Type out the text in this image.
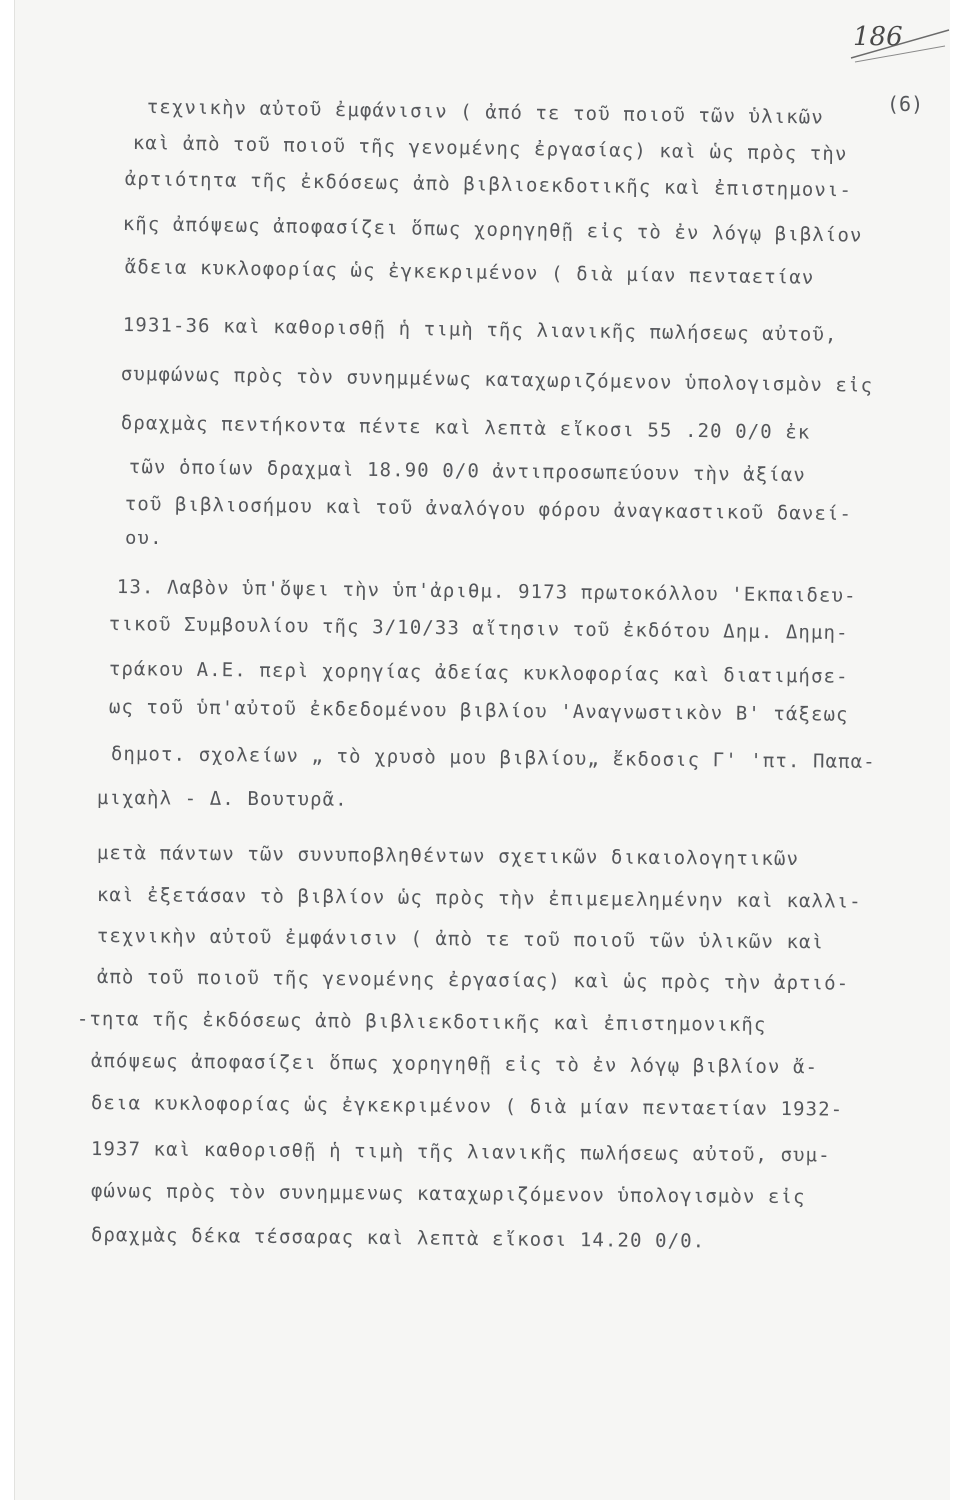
186
(6)
τεχνικὴν αὐτοῦ ἐμφάνισιν ( ἀπό τε τοῦ ποιοῦ τῶν ὑλικῶν
καὶ ἀπὸ τοῦ ποιοῦ τῆς γενομένης ἐργασίας) καὶ ὡς πρὸς τὴν
ἀρτιότητα τῆς ἐκδόσεως ἀπὸ βιβλιοεκδοτικῆς καὶ ἐπιστημονι-
κῆς ἀπόψεως ἀποφασίζει ὅπως χορηγηθῇ εἰς τὸ ἐν λόγῳ βιβλίον
ἄδεια κυκλοφορίας ὡς ἐγκεκριμένον ( διὰ μίαν πενταετίαν
1931-36 καὶ καθορισθῇ ἡ τιμὴ τῆς λιανικῆς πωλήσεως αὐτοῦ,
συμφώνως πρὸς τὸν συνημμένως καταχωριζόμενον ὑπολογισμὸν εἰς
δραχμὰς πεντήκοντα πέντε καὶ λεπτὰ εἴκοσι 55 .20 0/0 ἐκ
τῶν ὁποίων δραχμαὶ 18.90 0/0 ἀντιπροσωπεύουν τὴν ἀξίαν
τοῦ βιβλιοσήμου καὶ τοῦ ἀναλόγου φόρου ἀναγκαστικοῦ δανεί-
ου.
13. Λαβὸν ὑπ'ὄψει τὴν ὑπ'ἀριθμ. 9173 πρωτοκόλλου 'Εκπαιδευ-
τικοῦ Συμβουλίου τῆς 3/10/33 αἴτησιν τοῦ ἐκδότου Δημ. Δημη-
τράκου Α.Ε. περὶ χορηγίας ἀδείας κυκλοφορίας καὶ διατιμήσε-
ως τοῦ ὑπ'αὐτοῦ ἐκδεδομένου βιβλίου 'Αναγνωστικὸν Β' τάξεως
δημοτ. σχολείων „ τὸ χρυσὸ μου βιβλίου„ ἔκδοσις Γ' 'πτ. Παπα-
μιχαὴλ - Δ. Βουτυρᾶ.
μετὰ πάντων τῶν συνυποβληθέντων σχετικῶν δικαιολογητικῶν
καὶ ἐξετάσαν τὸ βιβλίον ὡς πρὸς τὴν ἐπιμεμελημένην καὶ καλλι-
τεχνικὴν αὐτοῦ ἐμφάνισιν ( ἀπὸ τε τοῦ ποιοῦ τῶν ὑλικῶν καὶ
ἀπὸ τοῦ ποιοῦ τῆς γενομένης ἐργασίας) καὶ ὡς πρὸς τὴν ἀρτιό-
-τητα τῆς ἐκδόσεως ἀπὸ βιβλιεκδοτικῆς καὶ ἐπιστημονικῆς
ἀπόψεως ἀποφασίζει ὅπως χορηγηθῇ εἰς τὸ ἐν λόγῳ βιβλίον ἄ-
δεια κυκλοφορίας ὡς ἐγκεκριμένον ( διὰ μίαν πενταετίαν 1932-
1937 καὶ καθορισθῇ ἡ τιμὴ τῆς λιανικῆς πωλήσεως αὐτοῦ, συμ-
φώνως πρὸς τὸν συνημμενως καταχωριζόμενον ὑπολογισμὸν εἰς
δραχμὰς δέκα τέσσαρας καὶ λεπτὰ εἴκοσι 14.20 0/0.
